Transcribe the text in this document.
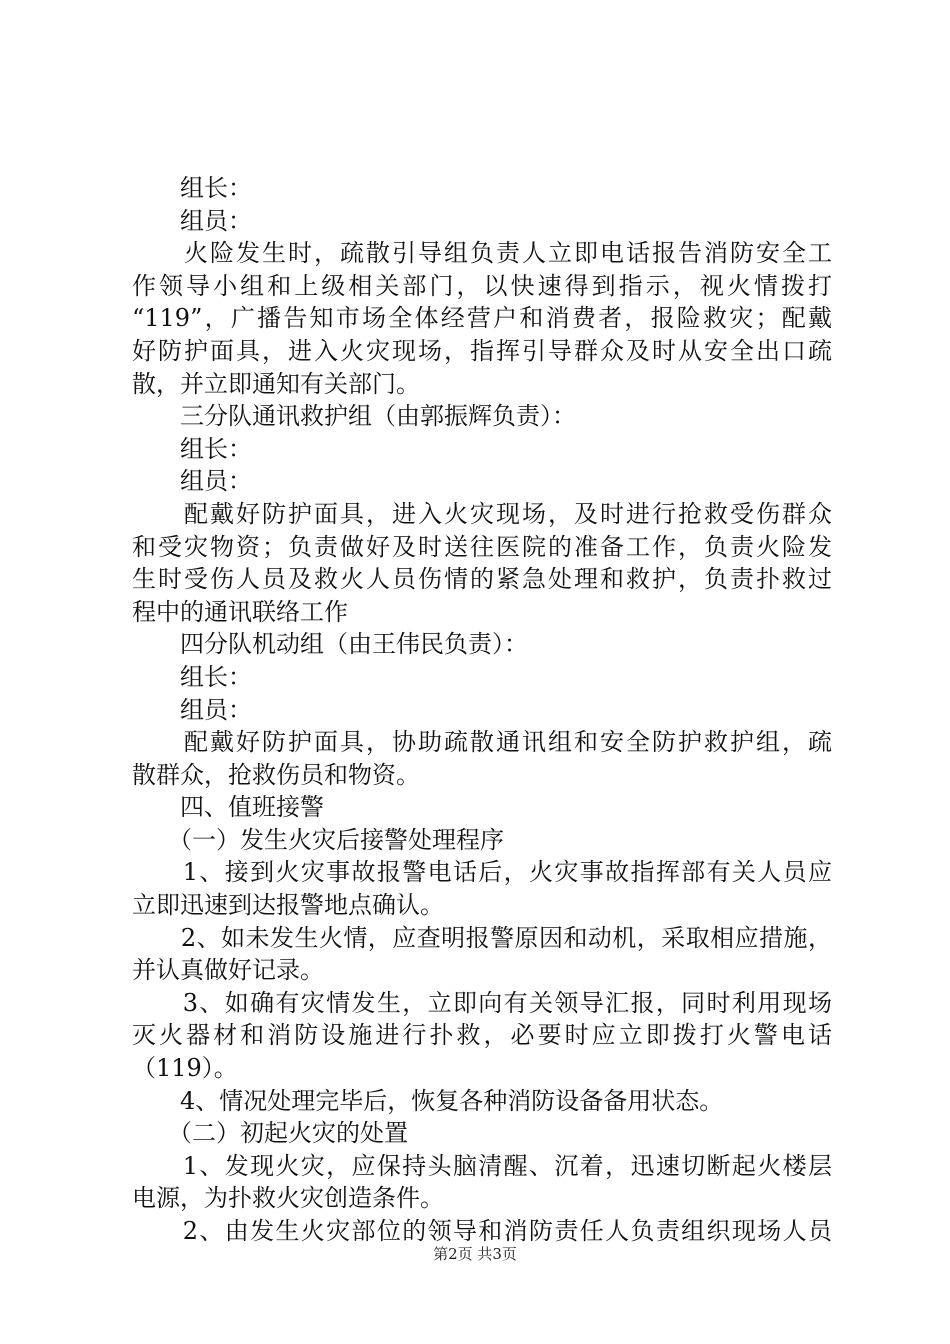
　　组长：
　　组员：
　　火险发生时，疏散引导组负责人立即电话报告消防安全工
作领导小组和上级相关部门，以快速得到指示，视火情拨打
“119”，广播告知市场全体经营户和消费者，报险救灾；配戴
好防护面具，进入火灾现场，指挥引导群众及时从安全出口疏
散，并立即通知有关部门。
　　三分队通讯救护组（由郭振辉负责）：
　　组长：
　　组员：
　　配戴好防护面具，进入火灾现场，及时进行抢救受伤群众
和受灾物资；负责做好及时送往医院的准备工作，负责火险发
生时受伤人员及救火人员伤情的紧急处理和救护，负责扑救过
程中的通讯联络工作
　　四分队机动组（由王伟民负责）：
　　组长：
　　组员：
　　配戴好防护面具，协助疏散通讯组和安全防护救护组，疏
散群众，抢救伤员和物资。
　　四、值班接警
　　（一）发生火灾后接警处理程序
　　1、接到火灾事故报警电话后，火灾事故指挥部有关人员应
立即迅速到达报警地点确认。
　　2、如未发生火情，应查明报警原因和动机，采取相应措施，
并认真做好记录。
　　3、如确有灾情发生，立即向有关领导汇报，同时利用现场
灭火器材和消防设施进行扑救，必要时应立即拨打火警电话
（119）。
　　4、情况处理完毕后，恢复各种消防设备备用状态。
　　（二）初起火灾的处置
　　1、发现火灾，应保持头脑清醒、沉着，迅速切断起火楼层
电源，为扑救火灾创造条件。
　　2、由发生火灾部位的领导和消防责任人负责组织现场人员
第2页 共3页
